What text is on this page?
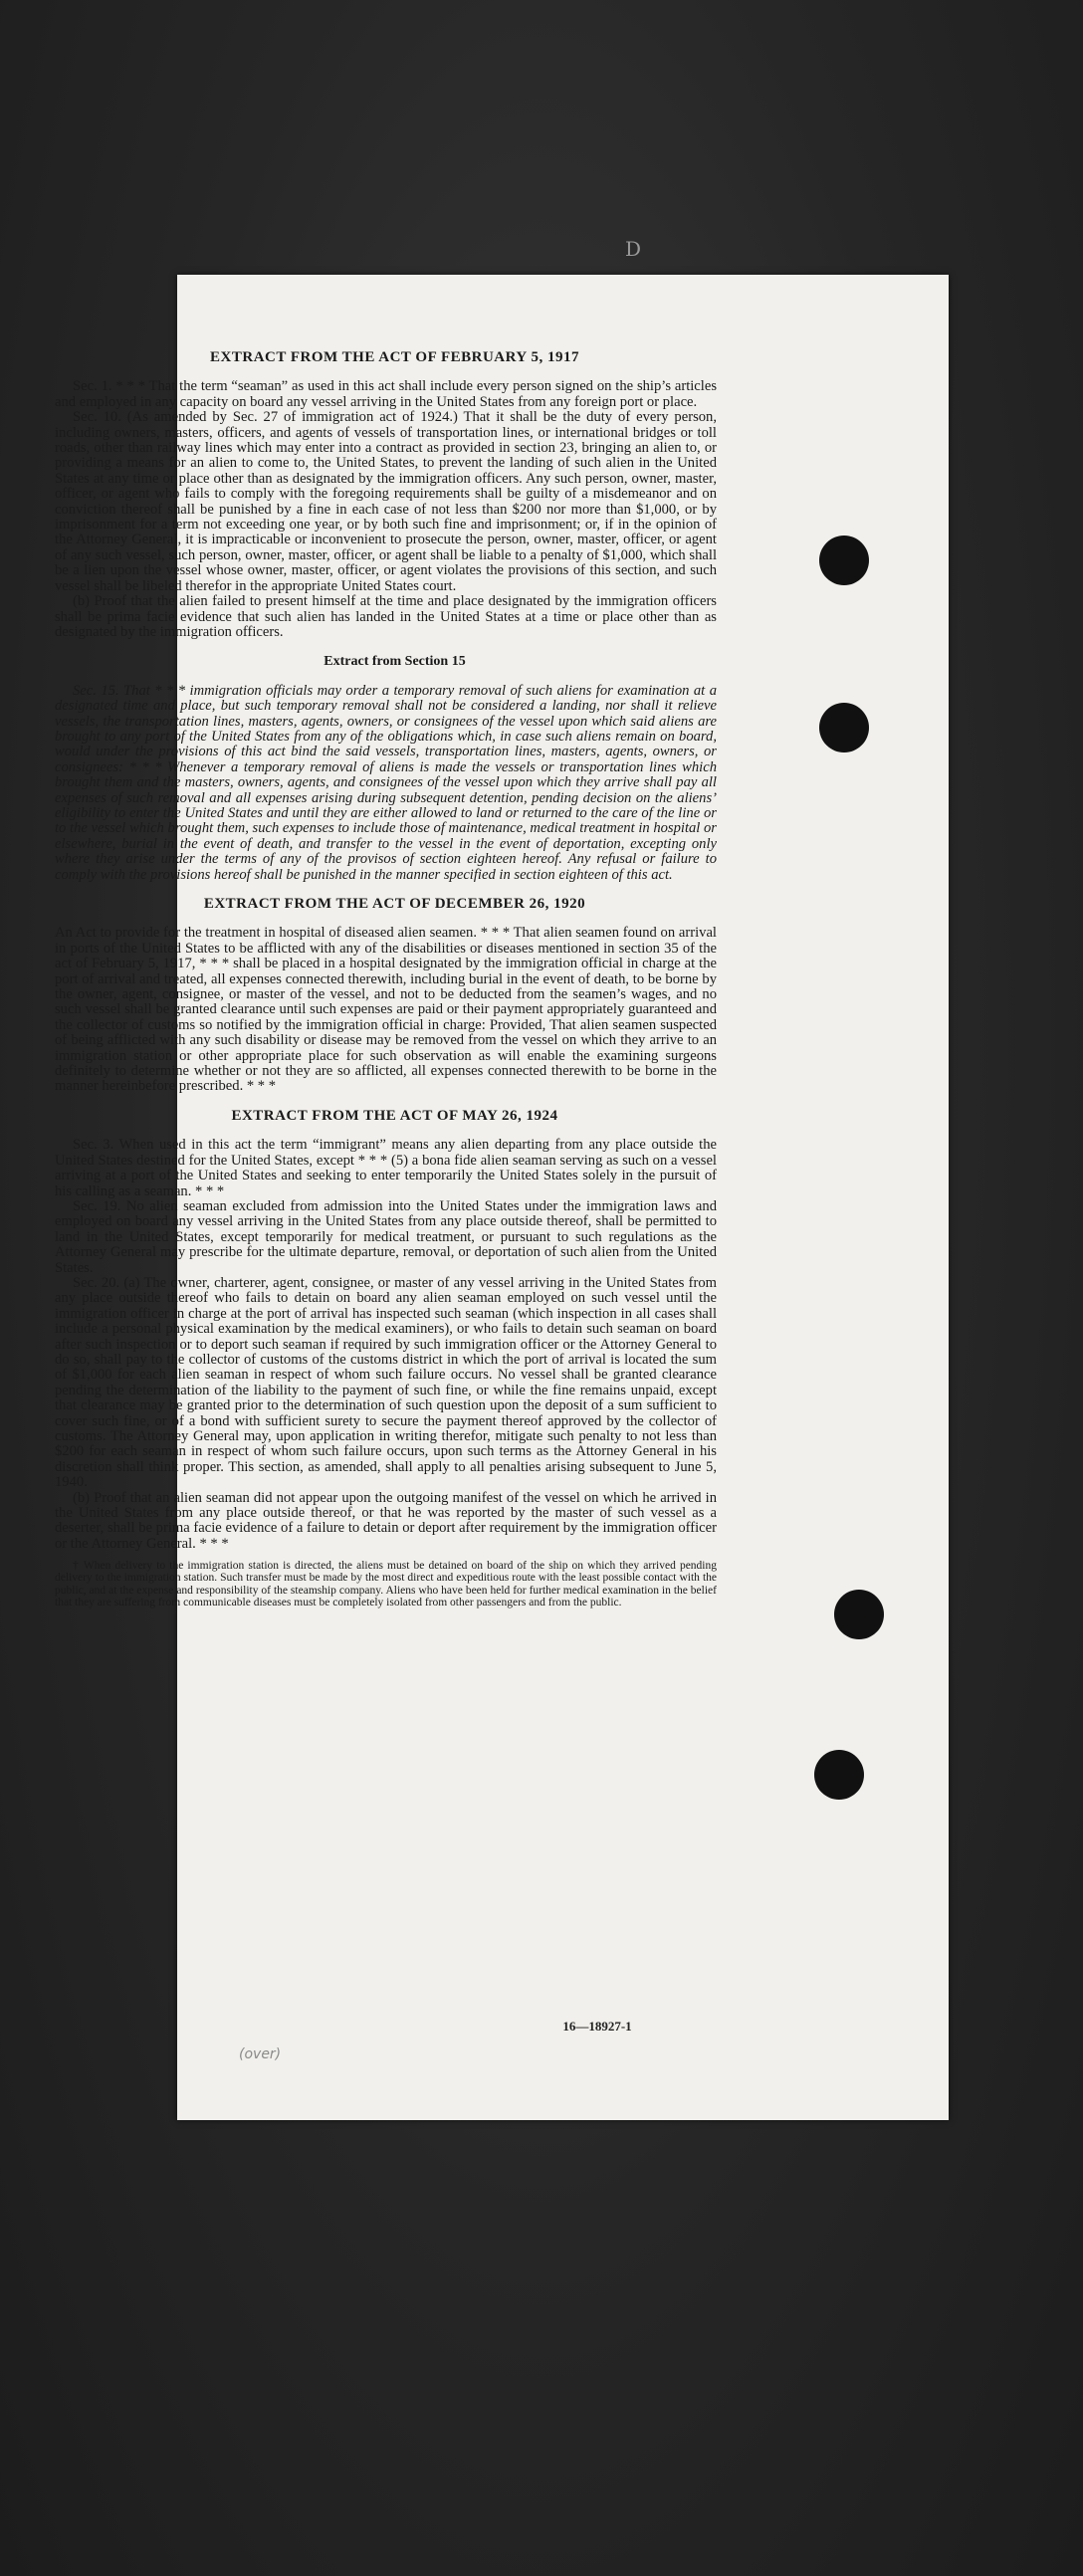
D

EXTRACT FROM THE ACT OF FEBRUARY 5, 1917

Sec. 1. * * * That the term “seaman” as used in this act shall include every person signed on the ship’s articles and employed in any capacity on board any vessel arriving in the United States from any foreign port or place.

Sec. 10. (As amended by Sec. 27 of immigration act of 1924.) That it shall be the duty of every person, including owners, masters, officers, and agents of vessels of transportation lines, or international bridges or toll roads, other than railway lines which may enter into a contract as provided in section 23, bringing an alien to, or providing a means for an alien to come to, the United States, to prevent the landing of such alien in the United States at any time or place other than as designated by the immigration officers. Any such person, owner, master, officer, or agent who fails to comply with the foregoing requirements shall be guilty of a misdemeanor and on conviction thereof shall be punished by a fine in each case of not less than $200 nor more than $1,000, or by imprisonment for a term not exceeding one year, or by both such fine and imprisonment; or, if in the opinion of the Attorney General, it is impracticable or inconvenient to prosecute the person, owner, master, officer, or agent of any such vessel, such person, owner, master, officer, or agent shall be liable to a penalty of $1,000, which shall be a lien upon the vessel whose owner, master, officer, or agent violates the provisions of this section, and such vessel shall be libeled therefor in the appropriate United States court.

(b) Proof that the alien failed to present himself at the time and place designated by the immigration officers shall be prima facie evidence that such alien has landed in the United States at a time or place other than as designated by the immigration officers.

Extract from Section 15

Sec. 15. That * * * immigration officials may order a temporary removal of such aliens for examination at a designated time and place, but such temporary removal shall not be considered a landing, nor shall it relieve vessels, the transportation lines, masters, agents, owners, or consignees of the vessel upon which said aliens are brought to any port of the United States from any of the obligations which, in case such aliens remain on board, would under the provisions of this act bind the said vessels, transportation lines, masters, agents, owners, or consignees: * * * Whenever a temporary removal of aliens is made the vessels or transportation lines which brought them and the masters, owners, agents, and consignees of the vessel upon which they arrive shall pay all expenses of such removal and all expenses arising during subsequent detention, pending decision on the aliens’ eligibility to enter the United States and until they are either allowed to land or returned to the care of the line or to the vessel which brought them, such expenses to include those of maintenance, medical treatment in hospital or elsewhere, burial in the event of death, and transfer to the vessel in the event of deportation, excepting only where they arise under the terms of any of the provisos of section eighteen hereof. Any refusal or failure to comply with the provisions hereof shall be punished in the manner specified in section eighteen of this act.

EXTRACT FROM THE ACT OF DECEMBER 26, 1920

An Act to provide for the treatment in hospital of diseased alien seamen. * * * That alien seamen found on arrival in ports of the United States to be afflicted with any of the disabilities or diseases mentioned in section 35 of the act of February 5, 1917, * * * shall be placed in a hospital designated by the immigration official in charge at the port of arrival and treated, all expenses connected therewith, including burial in the event of death, to be borne by the owner, agent, consignee, or master of the vessel, and not to be deducted from the seamen’s wages, and no such vessel shall be granted clearance until such expenses are paid or their payment appropriately guaranteed and the collector of customs so notified by the immigration official in charge: Provided, That alien seamen suspected of being afflicted with any such disability or disease may be removed from the vessel on which they arrive to an immigration station or other appropriate place for such observation as will enable the examining surgeons definitely to determine whether or not they are so afflicted, all expenses connected therewith to be borne in the manner hereinbefore prescribed. * * *

EXTRACT FROM THE ACT OF MAY 26, 1924

Sec. 3. When used in this act the term “immigrant” means any alien departing from any place outside the United States destined for the United States, except * * * (5) a bona fide alien seaman serving as such on a vessel arriving at a port of the United States and seeking to enter temporarily the United States solely in the pursuit of his calling as a seaman. * * *

Sec. 19. No alien seaman excluded from admission into the United States under the immigration laws and employed on board any vessel arriving in the United States from any place outside thereof, shall be permitted to land in the United States, except temporarily for medical treatment, or pursuant to such regulations as the Attorney General may prescribe for the ultimate departure, removal, or deportation of such alien from the United States.

Sec. 20. (a) The owner, charterer, agent, consignee, or master of any vessel arriving in the United States from any place outside thereof who fails to detain on board any alien seaman employed on such vessel until the immigration officer in charge at the port of arrival has inspected such seaman (which inspection in all cases shall include a personal physical examination by the medical examiners), or who fails to detain such seaman on board after such inspection or to deport such seaman if required by such immigration officer or the Attorney General to do so, shall pay to the collector of customs of the customs district in which the port of arrival is located the sum of $1,000 for each alien seaman in respect of whom such failure occurs. No vessel shall be granted clearance pending the determination of the liability to the payment of such fine, or while the fine remains unpaid, except that clearance may be granted prior to the determination of such question upon the deposit of a sum sufficient to cover such fine, or of a bond with sufficient surety to secure the payment thereof approved by the collector of customs. The Attorney General may, upon application in writing therefor, mitigate such penalty to not less than $200 for each seaman in respect of whom such failure occurs, upon such terms as the Attorney General in his discretion shall think proper. This section, as amended, shall apply to all penalties arising subsequent to June 5, 1940.

(b) Proof that an alien seaman did not appear upon the outgoing manifest of the vessel on which he arrived in the United States from any place outside thereof, or that he was reported by the master of such vessel as a deserter, shall be prima facie evidence of a failure to detain or deport after requirement by the immigration officer or the Attorney General. * * *

† When delivery to the immigration station is directed, the aliens must be detained on board of the ship on which they arrived pending delivery to the immigration station. Such transfer must be made by the most direct and expeditious route with the least possible contact with the public, and at the expense and responsibility of the steamship company. Aliens who have been held for further medical examination in the belief that they are suffering from communicable diseases must be completely isolated from other passengers and from the public.

16—18927-1
(over)
